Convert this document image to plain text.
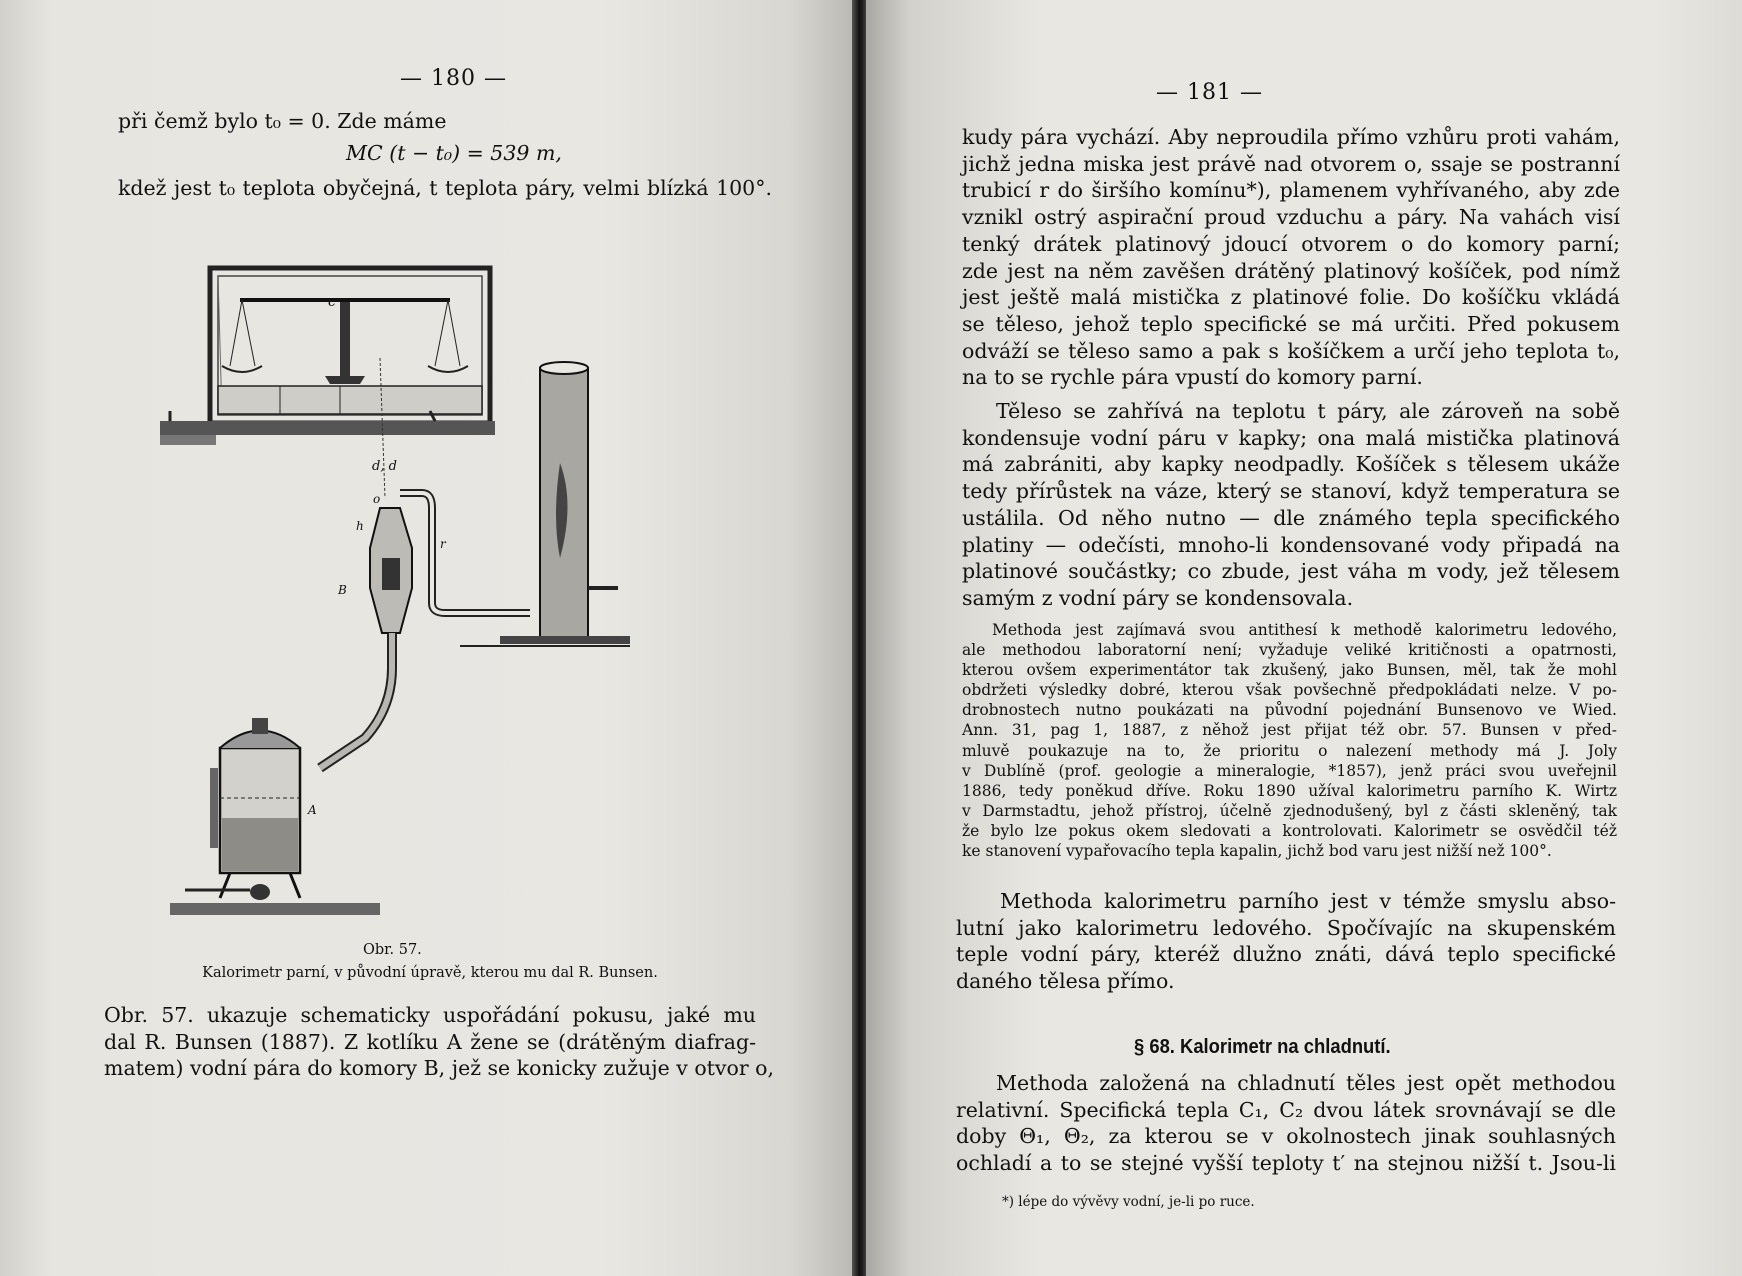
— 180 —
při čemž bylo t₀ = 0. Zde máme
MC (t − t₀) = 539 m,
kdež jest t₀ teplota obyčejná, t teplota páry, velmi blízká 100°.
c
d, d
o
h
B
r
A
Obr. 57.
Kalorimetr parní, v původní úpravě, kterou mu dal R. Bunsen.
Obr. 57. ukazuje schematicky uspořádání pokusu, jaké mu
dal R. Bunsen (1887). Z kotlíku A žene se (drátěným diafrag-
matem) vodní pára do komory B, jež se konicky zužuje v otvor o,
— 181 —
kudy pára vychází. Aby neproudila přímo vzhůru proti vahám,
jichž jedna miska jest právě nad otvorem o, ssaje se postranní
trubicí r do širšího komínu*), plamenem vyhřívaného, aby zde
vznikl ostrý aspirační proud vzduchu a páry. Na vahách visí
tenký drátek platinový jdoucí otvorem o do komory parní;
zde jest na něm zavěšen drátěný platinový košíček, pod nímž
jest ještě malá mistička z platinové folie. Do košíčku vkládá
se těleso, jehož teplo specifické se má určiti. Před pokusem
odváží se těleso samo a pak s košíčkem a určí jeho teplota t₀,
na to se rychle pára vpustí do komory parní.
Těleso se zahřívá na teplotu t páry, ale zároveň na sobě
kondensuje vodní páru v kapky; ona malá mistička platinová
má zabrániti, aby kapky neodpadly. Košíček s tělesem ukáže
tedy přírůstek na váze, který se stanoví, když temperatura se
ustálila. Od něho nutno — dle známého tepla specifického
platiny — odečísti, mnoho-li kondensované vody připadá na
platinové součástky; co zbude, jest váha m vody, jež tělesem
samým z vodní páry se kondensovala.
Methoda jest zajímavá svou antithesí k methodě kalorimetru ledového,
ale methodou laboratorní není; vyžaduje veliké kritičnosti a opatrnosti,
kterou ovšem experimentátor tak zkušený, jako Bunsen, měl, tak že mohl
obdržeti výsledky dobré, kterou však povšechně předpokládati nelze. V po-
drobnostech nutno poukázati na původní pojednání Bunsenovo ve Wied.
Ann. 31, pag 1, 1887, z něhož jest přijat též obr. 57. Bunsen v před-
mluvě poukazuje na to, že prioritu o nalezení methody má J. Joly
v Dublíně (prof. geologie a mineralogie, *1857), jenž práci svou uveřejnil
1886, tedy poněkud dříve. Roku 1890 užíval kalorimetru parního K. Wirtz
v Darmstadtu, jehož přístroj, účelně zjednodušený, byl z části skleněný, tak
že bylo lze pokus okem sledovati a kontrolovati. Kalorimetr se osvědčil též
ke stanovení vypařovacího tepla kapalin, jichž bod varu jest nižší než 100°.
Methoda kalorimetru parního jest v témže smyslu abso-
lutní jako kalorimetru ledového. Spočívajíc na skupenském
teple vodní páry, kteréž dlužno znáti, dává teplo specifické
daného tělesa přímo.
§ 68. Kalorimetr na chladnutí.
Methoda založená na chladnutí těles jest opět methodou
relativní. Specifická tepla C₁, C₂ dvou látek srovnávají se dle
doby Θ₁, Θ₂, za kterou se v okolnostech jinak souhlasných
ochladí a to se stejné vyšší teploty t′ na stejnou nižší t. Jsou-li
*) lépe do vývěvy vodní, je-li po ruce.
